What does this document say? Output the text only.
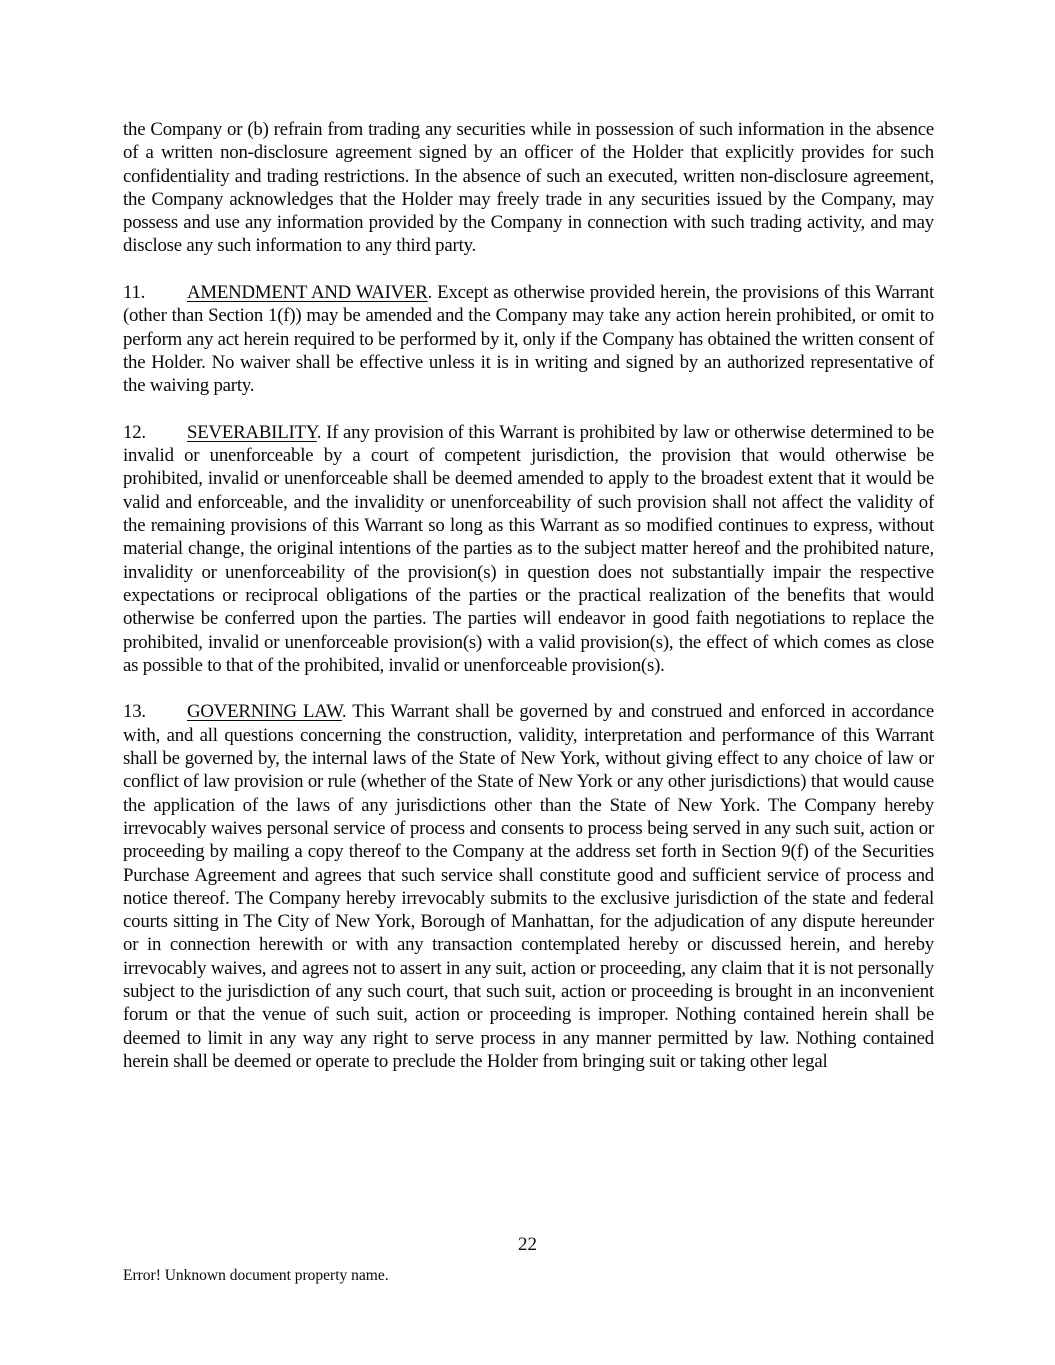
the Company or (b) refrain from trading any securities while in possession of such information in the absence of a written non-disclosure agreement signed by an officer of the Holder that explicitly provides for such confidentiality and trading restrictions. In the absence of such an executed, written non-disclosure agreement, the Company acknowledges that the Holder may freely trade in any securities issued by the Company, may possess and use any information provided by the Company in connection with such trading activity, and may disclose any such information to any third party.

11. AMENDMENT AND WAIVER. Except as otherwise provided herein, the provisions of this Warrant (other than Section 1(f)) may be amended and the Company may take any action herein prohibited, or omit to perform any act herein required to be performed by it, only if the Company has obtained the written consent of the Holder. No waiver shall be effective unless it is in writing and signed by an authorized representative of the waiving party.

12. SEVERABILITY. If any provision of this Warrant is prohibited by law or otherwise determined to be invalid or unenforceable by a court of competent jurisdiction, the provision that would otherwise be prohibited, invalid or unenforceable shall be deemed amended to apply to the broadest extent that it would be valid and enforceable, and the invalidity or unenforceability of such provision shall not affect the validity of the remaining provisions of this Warrant so long as this Warrant as so modified continues to express, without material change, the original intentions of the parties as to the subject matter hereof and the prohibited nature, invalidity or unenforceability of the provision(s) in question does not substantially impair the respective expectations or reciprocal obligations of the parties or the practical realization of the benefits that would otherwise be conferred upon the parties. The parties will endeavor in good faith negotiations to replace the prohibited, invalid or unenforceable provision(s) with a valid provision(s), the effect of which comes as close as possible to that of the prohibited, invalid or unenforceable provision(s).

13. GOVERNING LAW. This Warrant shall be governed by and construed and enforced in accordance with, and all questions concerning the construction, validity, interpretation and performance of this Warrant shall be governed by, the internal laws of the State of New York, without giving effect to any choice of law or conflict of law provision or rule (whether of the State of New York or any other jurisdictions) that would cause the application of the laws of any jurisdictions other than the State of New York. The Company hereby irrevocably waives personal service of process and consents to process being served in any such suit, action or proceeding by mailing a copy thereof to the Company at the address set forth in Section 9(f) of the Securities Purchase Agreement and agrees that such service shall constitute good and sufficient service of process and notice thereof. The Company hereby irrevocably submits to the exclusive jurisdiction of the state and federal courts sitting in The City of New York, Borough of Manhattan, for the adjudication of any dispute hereunder or in connection herewith or with any transaction contemplated hereby or discussed herein, and hereby irrevocably waives, and agrees not to assert in any suit, action or proceeding, any claim that it is not personally subject to the jurisdiction of any such court, that such suit, action or proceeding is brought in an inconvenient forum or that the venue of such suit, action or proceeding is improper. Nothing contained herein shall be deemed to limit in any way any right to serve process in any manner permitted by law. Nothing contained herein shall be deemed or operate to preclude the Holder from bringing suit or taking other legal

22
Error! Unknown document property name.
